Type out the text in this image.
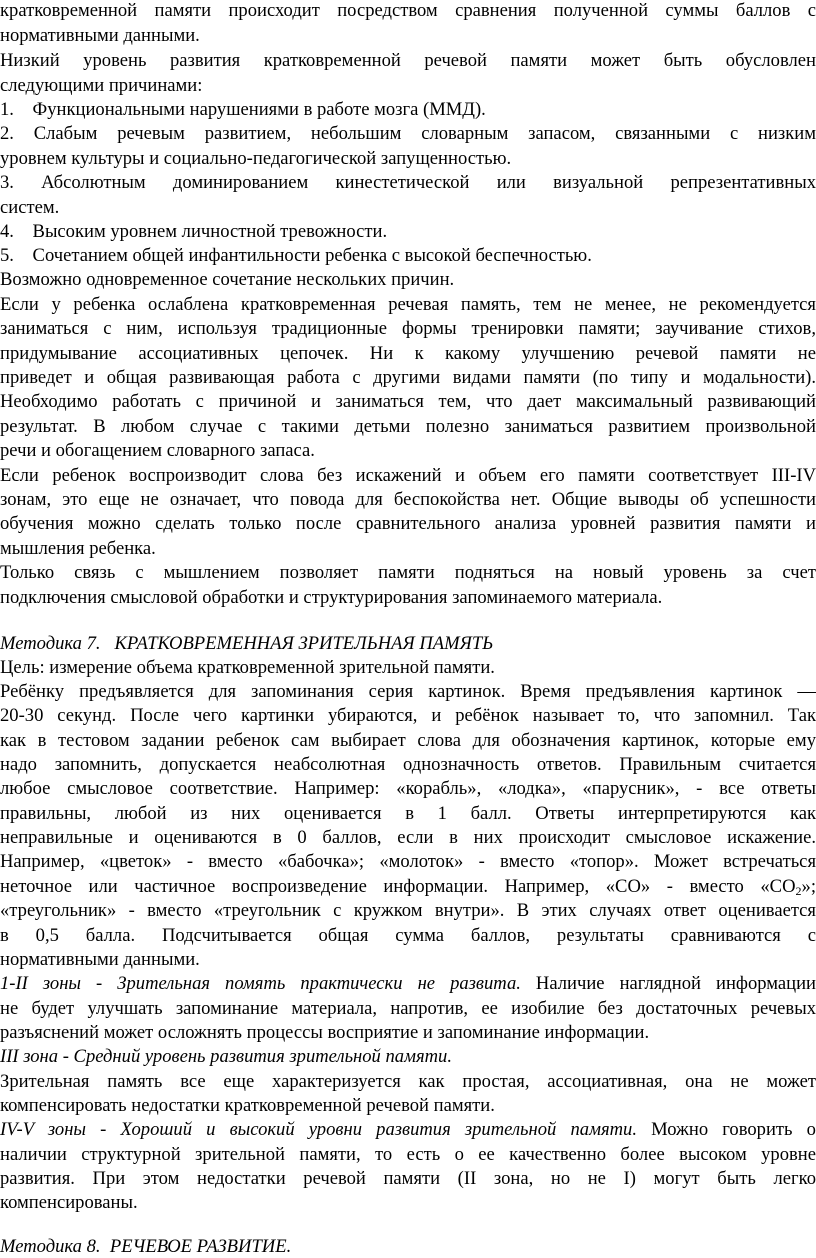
кратковременной памяти происходит посредством сравнения полученной суммы баллов с
нормативными данными.
Низкий уровень развития кратковременной речевой памяти может быть обусловлен
следующими причинами:
1.    Функциональными нарушениями в работе мозга (ММД).
2. Слабым речевым развитием, небольшим словарным запасом, связанными с низким
уровнем культуры и социально-педагогической запущенностью.
3. Абсолютным доминированием кинестетической или визуальной репрезентативных
систем.
4.    Высоким уровнем личностной тревожности.
5.    Сочетанием общей инфантильности ребенка с высокой беспечностью.
Возможно одновременное сочетание нескольких причин.
Если у ребенка ослаблена кратковременная речевая память, тем не менее, не рекомендуется
заниматься с ним, используя традиционные формы тренировки памяти; заучивание стихов,
придумывание ассоциативных цепочек. Ни к какому улучшению речевой памяти не
приведет и общая развивающая работа с другими видами памяти (по типу и модальности).
Необходимо работать с причиной и заниматься тем, что дает максимальный развивающий
результат. В любом случае с такими детьми полезно заниматься развитием произвольной
речи и обогащением словарного запаса.
Если ребенок воспроизводит слова без искажений и объем его памяти соответствует III-IV
зонам, это еще не означает, что повода для беспокойства нет. Общие выводы об успешности
обучения можно сделать только после сравнительного анализа уровней развития памяти и
мышления ребенка.
Только связь с мышлением позволяет памяти подняться на новый уровень за счет
подключения смысловой обработки и структурирования запоминаемого материала.
Методика 7.   КРАТКОВРЕМЕННАЯ ЗРИТЕЛЬНАЯ ПАМЯТЬ
Цель: измерение объема кратковременной зрительной памяти.
Ребёнку предъявляется для запоминания серия картинок. Время предъявления картинок —
20-30 секунд. После чего картинки убираются, и ребёнок называет то, что запомнил. Так
как в тестовом задании ребенок сам выбирает слова для обозначения картинок, которые ему
надо запомнить, допускается неабсолютная однозначность ответов. Правильным считается
любое смысловое соответствие. Например: «корабль», «лодка», «парусник», - все ответы
правильны, любой из них оценивается в 1 балл. Ответы интерпретируются как
неправильные и оцениваются в 0 баллов, если в них происходит смысловое искажение.
Например, «цветок» - вместо «бабочка»; «молоток» - вместо «топор». Может встречаться
неточное или частичное воспроизведение информации. Например, «СО» - вместо «$СО_2$»;
«треугольник» - вместо «треугольник с кружком внутри». В этих случаях ответ оценивается
в 0,5 балла. Подсчитывается общая сумма баллов, результаты сравниваются с
нормативными данными.
1-II зоны - Зрительная помять практически не развита. Наличие наглядной информации
не будет улучшать запоминание материала, напротив, ее изобилие без достаточных речевых
разъяснений может осложнять процессы восприятие и запоминание информации.
III зона - Средний уровень развития зрительной памяти.
Зрительная память все еще характеризуется как простая, ассоциативная, она не может
компенсировать недостатки кратковременной речевой памяти.
IV-V зоны - Хороший и высокий уровни развития зрительной памяти. Можно говорить о
наличии структурной зрительной памяти, то есть о ее качественно более высоком уровне
развития. При этом недостатки речевой памяти (II зона, но не I) могут быть легко
компенсированы.
Методика 8.  РЕЧЕВОЕ РАЗВИТИЕ.
